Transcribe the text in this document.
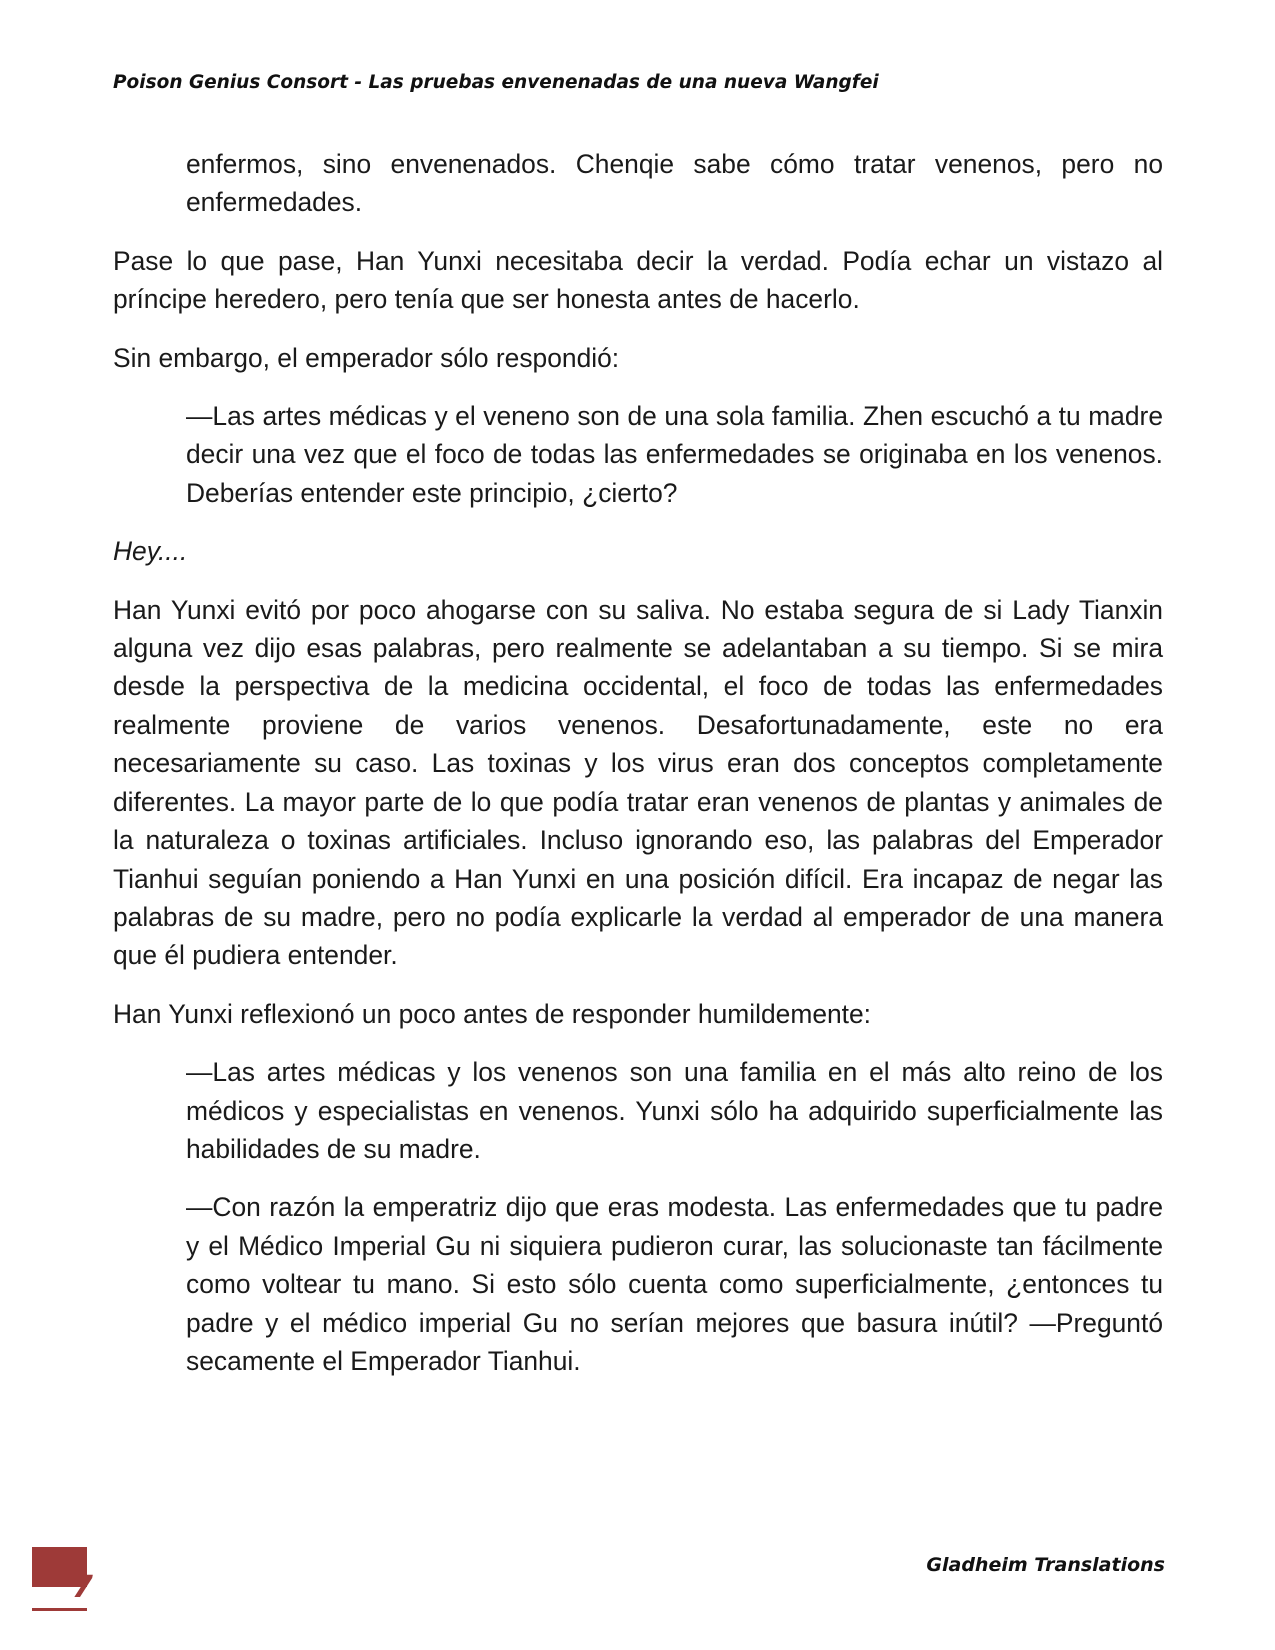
Poison Genius Consort - Las pruebas envenenadas de una nueva Wangfei

enfermos, sino envenenados. Chenqie sabe cómo tratar venenos, pero no enfermedades.

Pase lo que pase, Han Yunxi necesitaba decir la verdad. Podía echar un vistazo al príncipe heredero, pero tenía que ser honesta antes de hacerlo.

Sin embargo, el emperador sólo respondió:

—Las artes médicas y el veneno son de una sola familia. Zhen escuchó a tu madre decir una vez que el foco de todas las enfermedades se originaba en los venenos. Deberías entender este principio, ¿cierto?

Hey....

Han Yunxi evitó por poco ahogarse con su saliva. No estaba segura de si Lady Tianxin alguna vez dijo esas palabras, pero realmente se adelantaban a su tiempo. Si se mira desde la perspectiva de la medicina occidental, el foco de todas las enfermedades realmente proviene de varios venenos. Desafortunadamente, este no era necesariamente su caso. Las toxinas y los virus eran dos conceptos completamente diferentes. La mayor parte de lo que podía tratar eran venenos de plantas y animales de la naturaleza o toxinas artificiales. Incluso ignorando eso, las palabras del Emperador Tianhui seguían poniendo a Han Yunxi en una posición difícil. Era incapaz de negar las palabras de su madre, pero no podía explicarle la verdad al emperador de una manera que él pudiera entender.

Han Yunxi reflexionó un poco antes de responder humildemente:

—Las artes médicas y los venenos son una familia en el más alto reino de los médicos y especialistas en venenos. Yunxi sólo ha adquirido superficialmente las habilidades de su madre.

—Con razón la emperatriz dijo que eras modesta. Las enfermedades que tu padre y el Médico Imperial Gu ni siquiera pudieron curar, las solucionaste tan fácilmente como voltear tu mano. Si esto sólo cuenta como superficialmente, ¿entonces tu padre y el médico imperial Gu no serían mejores que basura inútil? —Preguntó secamente el Emperador Tianhui.

7
Gladheim Translations
